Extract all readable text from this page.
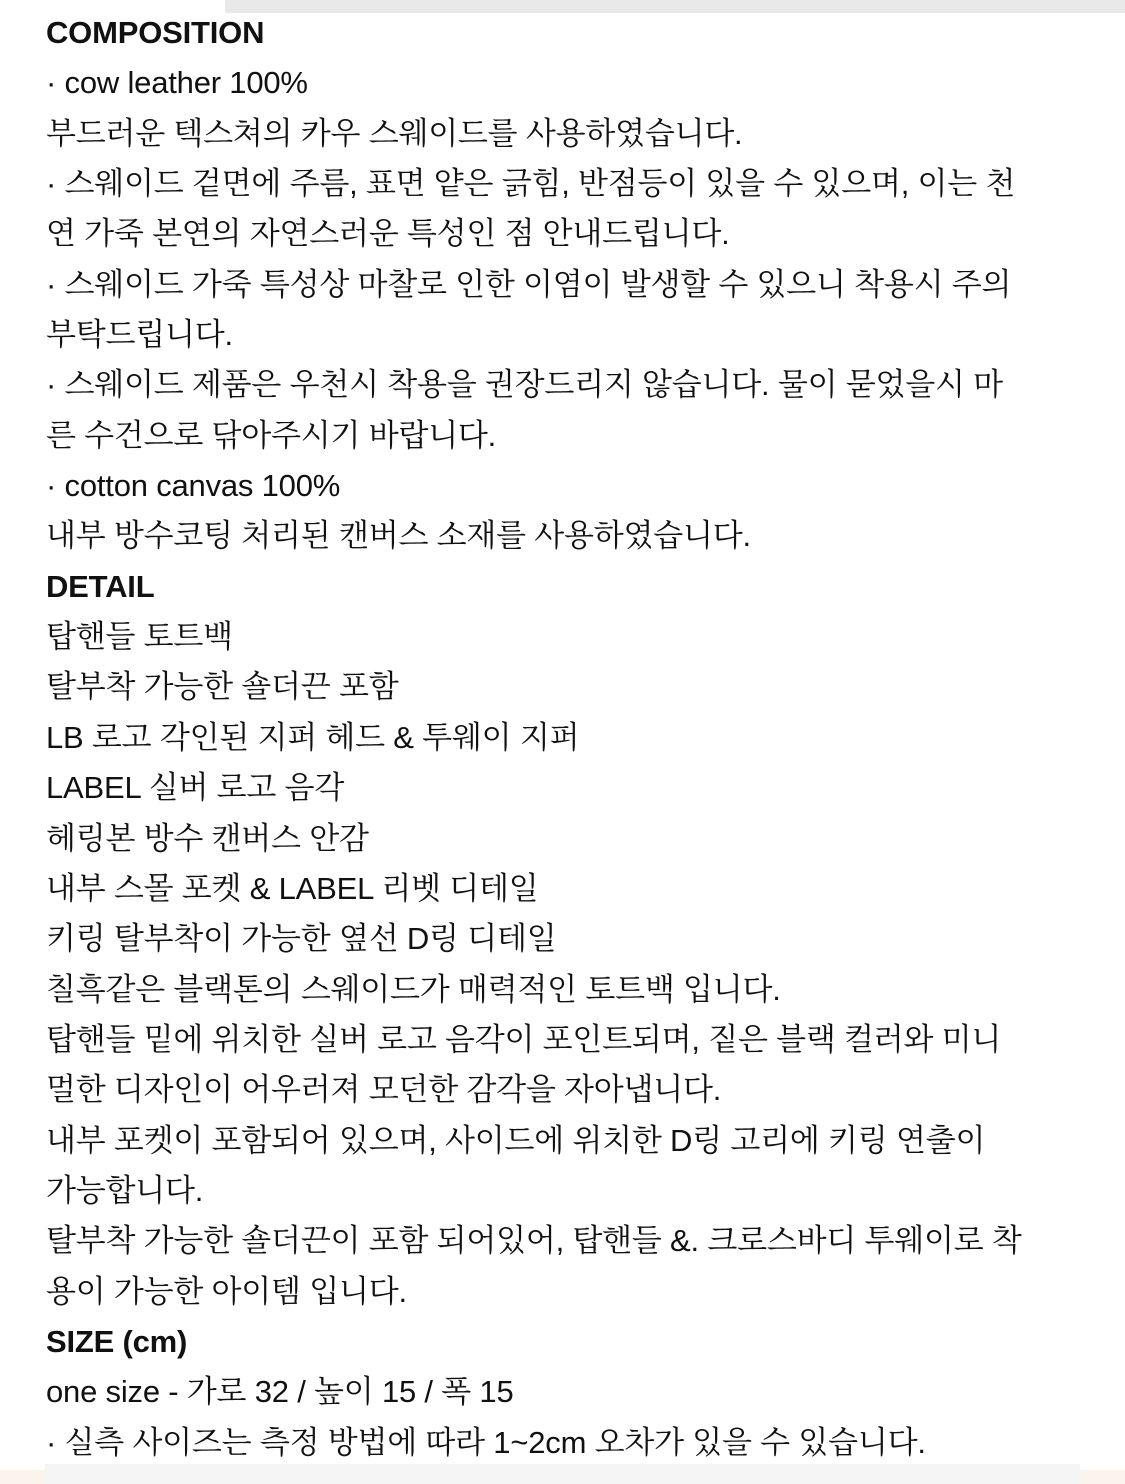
COMPOSITION
· cow leather 100%
부드러운 텍스쳐의 카우 스웨이드를 사용하였습니다.
· 스웨이드 겉면에 주름, 표면 얕은 긁힘, 반점등이 있을 수 있으며, 이는 천
연 가죽 본연의 자연스러운 특성인 점 안내드립니다.
· 스웨이드 가죽 특성상 마찰로 인한 이염이 발생할 수 있으니 착용시 주의
부탁드립니다.
· 스웨이드 제품은 우천시 착용을 권장드리지 않습니다. 물이 묻었을시 마
른 수건으로 닦아주시기 바랍니다.
· cotton canvas 100%
내부 방수코팅 처리된 캔버스 소재를 사용하였습니다.
DETAIL
탑핸들 토트백
탈부착 가능한 숄더끈 포함
LB 로고 각인된 지퍼 헤드 & 투웨이 지퍼
LABEL 실버 로고 음각
헤링본 방수 캔버스 안감
내부 스몰 포켓 & LABEL 리벳 디테일
키링 탈부착이 가능한 옆선 D링 디테일
칠흑같은 블랙톤의 스웨이드가 매력적인 토트백 입니다.
탑핸들 밑에 위치한 실버 로고 음각이 포인트되며, 짙은 블랙 컬러와 미니
멀한 디자인이 어우러져 모던한 감각을 자아냅니다.
내부 포켓이 포함되어 있으며, 사이드에 위치한 D링 고리에 키링 연출이
가능합니다.
탈부착 가능한 숄더끈이 포함 되어있어, 탑핸들 &. 크로스바디 투웨이로 착
용이 가능한 아이템 입니다.
SIZE (cm)
one size - 가로 32 / 높이 15 / 폭 15
· 실측 사이즈는 측정 방법에 따라 1~2cm 오차가 있을 수 있습니다.
